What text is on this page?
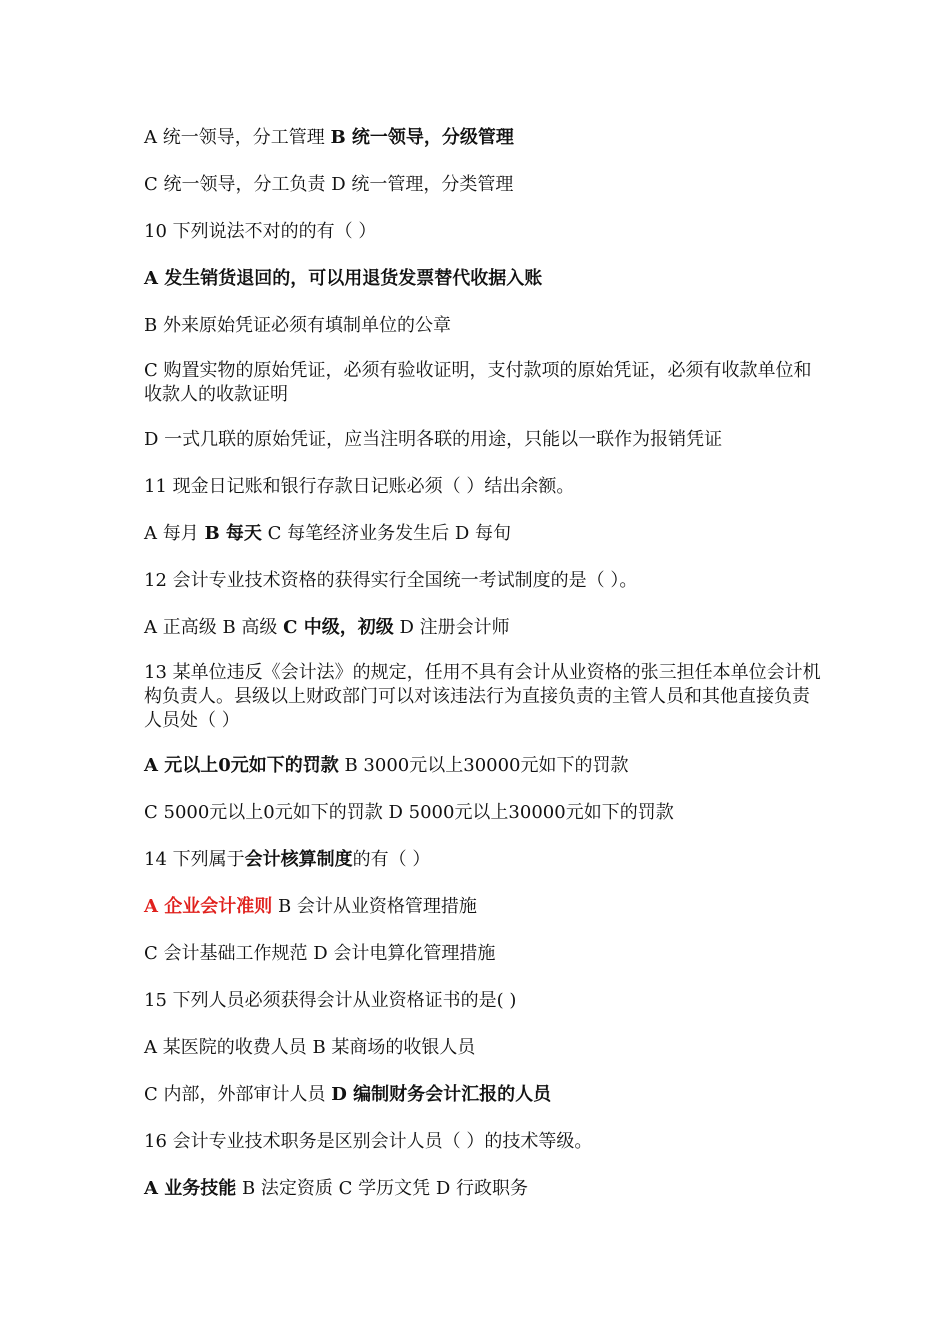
A 统一领导，分工管理 B 统一领导，分级管理

C 统一领导，分工负责 D 统一管理，分类管理

10 下列说法不对的的有（ ）

A 发生销货退回的，可以用退货发票替代收据入账

B 外来原始凭证必须有填制单位的公章

C 购置实物的原始凭证，必须有验收证明，支付款项的原始凭证，必须有收款单位和收款人的收款证明

D 一式几联的原始凭证，应当注明各联的用途，只能以一联作为报销凭证

11 现金日记账和银行存款日记账必须（ ）结出余额。

A 每月 B 每天 C 每笔经济业务发生后 D 每旬

12 会计专业技术资格的获得实行全国统一考试制度的是（ ）。

A 正高级 B 高级 C 中级，初级 D 注册会计师

13 某单位违反《会计法》的规定，任用不具有会计从业资格的张三担任本单位会计机构负责人。县级以上财政部门可以对该违法行为直接负责的主管人员和其他直接负责人员处（ ）

A 元以上0元如下的罚款 B 3000元以上30000元如下的罚款

C 5000元以上0元如下的罚款 D 5000元以上30000元如下的罚款

14 下列属于会计核算制度的有（ ）

A 企业会计准则 B 会计从业资格管理措施

C 会计基础工作规范 D 会计电算化管理措施

15 下列人员必须获得会计从业资格证书的是( )

A 某医院的收费人员 B 某商场的收银人员

C 内部，外部审计人员 D 编制财务会计汇报的人员

16 会计专业技术职务是区别会计人员（ ）的技术等级。

A 业务技能 B 法定资质 C 学历文凭 D 行政职务
